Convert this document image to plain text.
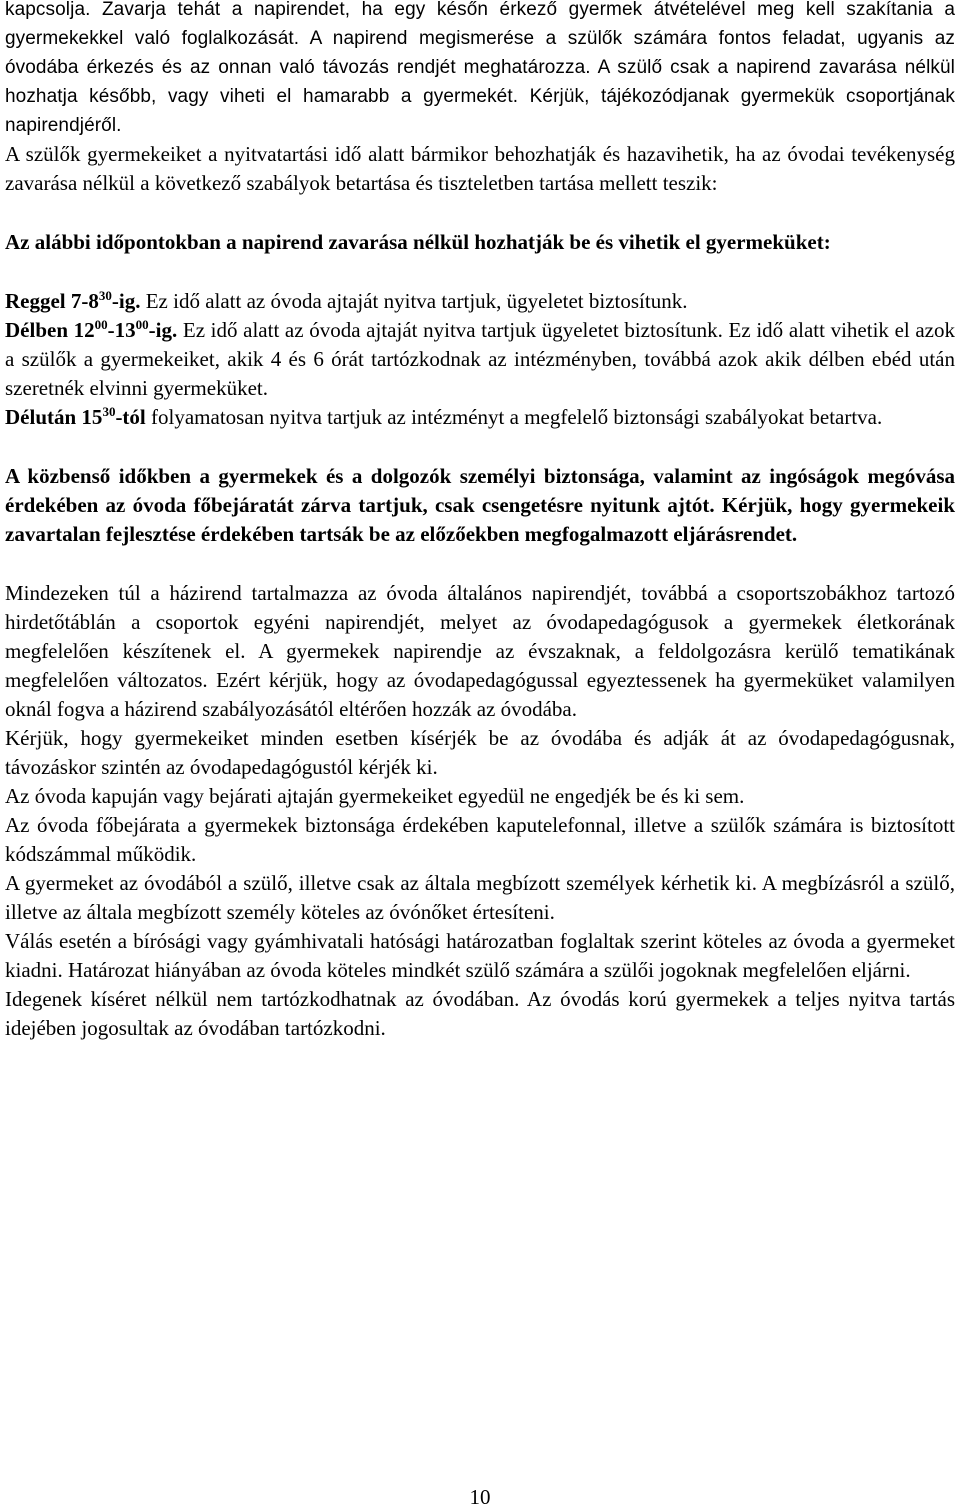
kapcsolja. Zavarja tehát a napirendet, ha egy későn érkező gyermek átvételével meg kell szakítania a gyermekekkel való foglalkozását. A napirend megismerése a szülők számára fontos feladat, ugyanis az óvodába érkezés és az onnan való távozás rendjét meghatározza. A szülő csak a napirend zavarása nélkül hozhatja később, vagy viheti el hamarabb a gyermekét. Kérjük, tájékozódjanak gyermekük csoportjának napirendjéről.

A szülők gyermekeiket a nyitvatartási idő alatt bármikor behozhatják és hazavihetik, ha az óvodai tevékenység zavarása nélkül a következő szabályok betartása és tiszteletben tartása mellett teszik:

Az alábbi időpontokban a napirend zavarása nélkül hozhatják be és vihetik el gyermeküket:

Reggel $7-8^{30}-ig$. Ez idő alatt az óvoda ajtaját nyitva tartjuk, ügyeletet biztosítunk.

Délben $12^{00}-13^{00}-ig$. Ez idő alatt az óvoda ajtaját nyitva tartjuk ügyeletet biztosítunk. Ez idő alatt vihetik el azok a szülők a gyermekeiket, akik 4 és 6 órát tartózkodnak az intézményben, továbbá azok akik délben ebéd után szeretnék elvinni gyermeküket.

Délután $15^{30}$-tól folyamatosan nyitva tartjuk az intézményt a megfelelő biztonsági szabályokat betartva.

A közbenső időkben a gyermekek és a dolgozók személyi biztonsága, valamint az ingóságok megóvása érdekében az óvoda főbejáratát zárva tartjuk, csak csengetésre nyitunk ajtót. Kérjük, hogy gyermekeik zavartalan fejlesztése érdekében tartsák be az előzőekben megfogalmazott eljárásrendet.

Mindezeken túl a házirend tartalmazza az óvoda általános napirendjét, továbbá a csoportszobákhoz tartozó hirdetőtáblán a csoportok egyéni napirendjét, melyet az óvodapedagógusok a gyermekek életkorának megfelelően készítenek el. A gyermekek napirendje az évszaknak, a feldolgozásra kerülő tematikának megfelelően változatos. Ezért kérjük, hogy az óvodapedagógussal egyeztessenek ha gyermeküket valamilyen oknál fogva a házirend szabályozásától eltérően hozzák az óvodába.

Kérjük, hogy gyermekeiket minden esetben kísérjék be az óvodába és adják át az óvodapedagógusnak, távozáskor szintén az óvodapedagógustól kérjék ki.

Az óvoda kapuján vagy bejárati ajtaján gyermekeiket egyedül ne engedjék be és ki sem.

Az óvoda főbejárata a gyermekek biztonsága érdekében kaputelefonnal, illetve a szülők számára is biztosított kódszámmal működik.

A gyermeket az óvodából a szülő, illetve csak az általa megbízott személyek kérhetik ki. A megbízásról a szülő, illetve az általa megbízott személy köteles az óvónőket értesíteni.

Válás esetén a bírósági vagy gyámhivatali hatósági határozatban foglaltak szerint köteles az óvoda a gyermeket kiadni. Határozat hiányában az óvoda köteles mindkét szülő számára a szülői jogoknak megfelelően eljárni.

Idegenek kíséret nélkül nem tartózkodhatnak az óvodában. Az óvodás korú gyermekek a teljes nyitva tartás idejében jogosultak az óvodában tartózkodni.

10
